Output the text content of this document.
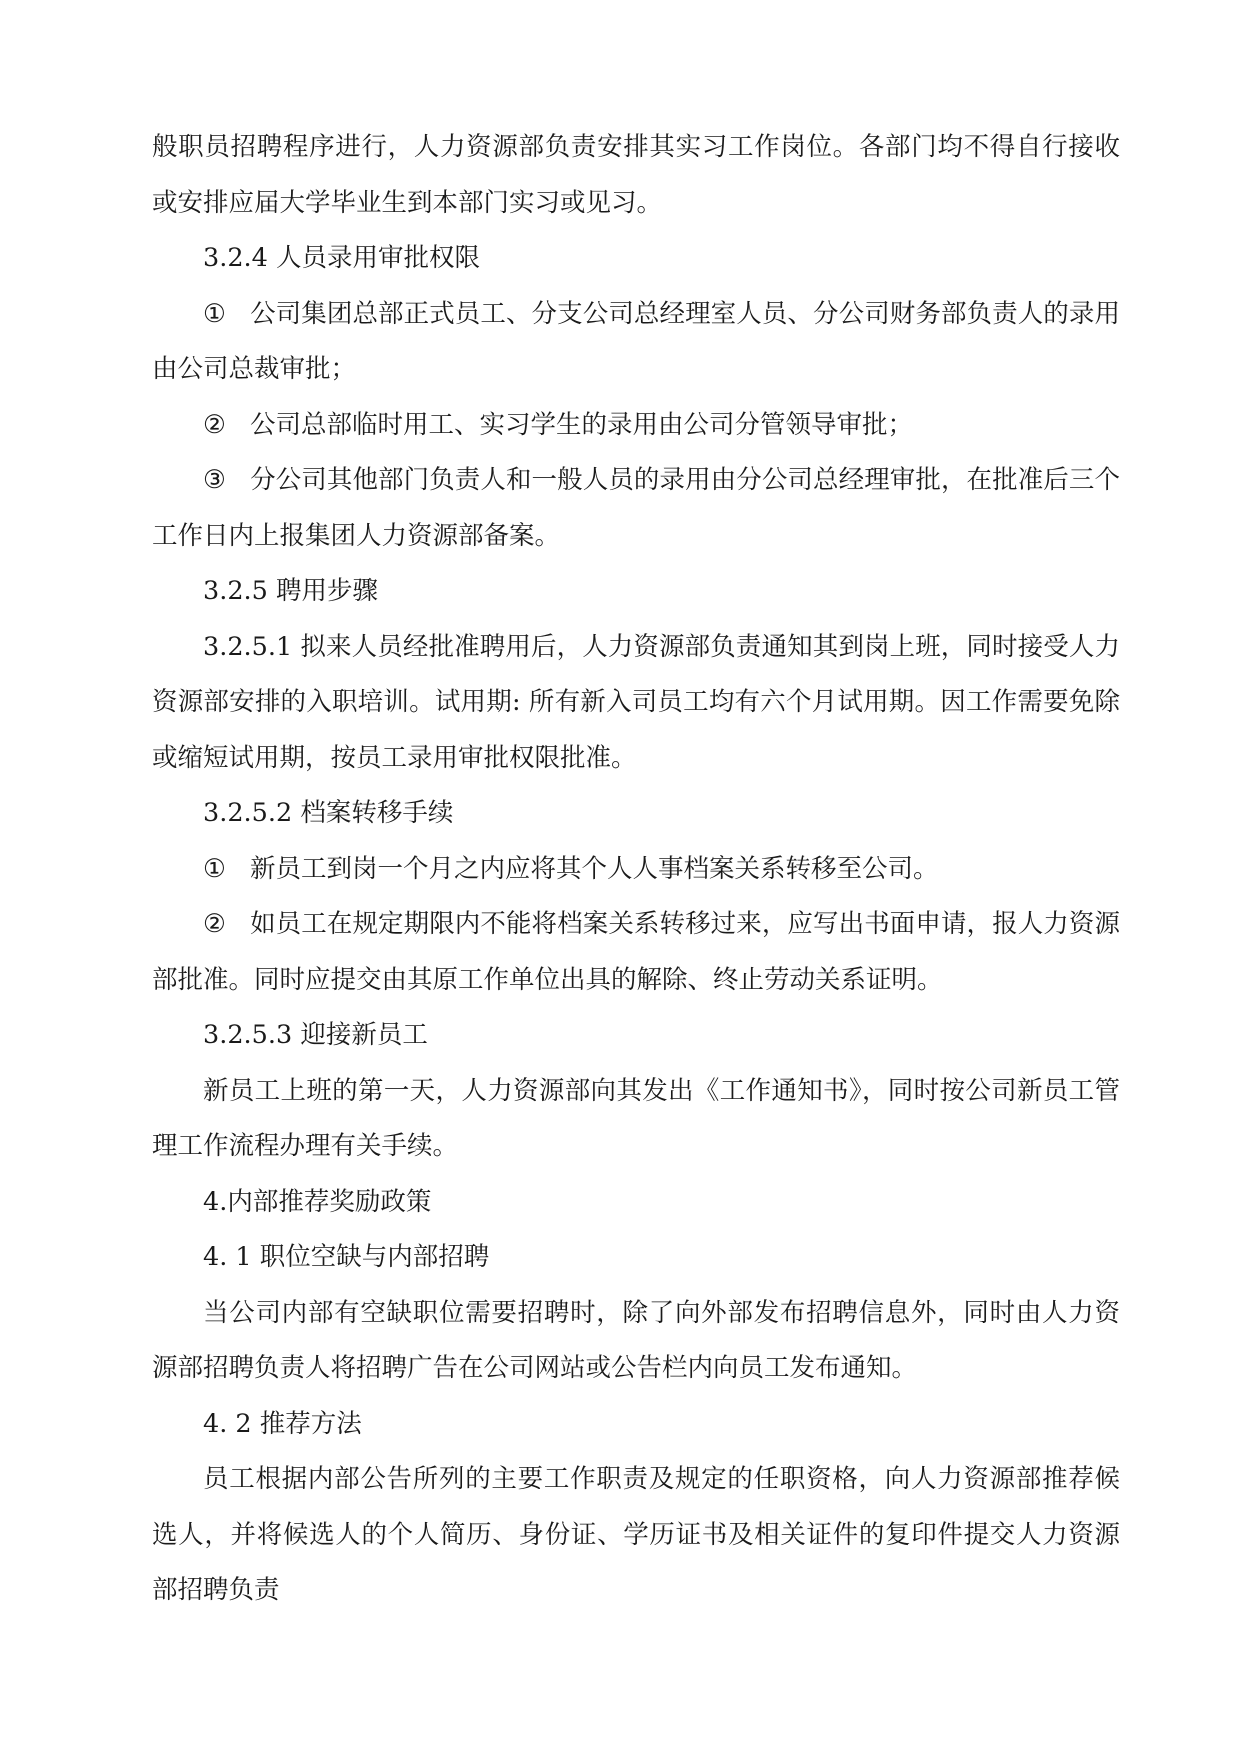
般职员招聘程序进行，人力资源部负责安排其实习工作岗位。各部门均不得自行接收或安排应届大学毕业生到本部门实习或见习。

3.2.4 人员录用审批权限

① 公司集团总部正式员工、分支公司总经理室人员、分公司财务部负责人的录用由公司总裁审批；

② 公司总部临时用工、实习学生的录用由公司分管领导审批；

③ 分公司其他部门负责人和一般人员的录用由分公司总经理审批，在批准后三个工作日内上报集团人力资源部备案。

3.2.5 聘用步骤

3.2.5.1 拟来人员经批准聘用后，人力资源部负责通知其到岗上班，同时接受人力资源部安排的入职培训。试用期: 所有新入司员工均有六个月试用期。因工作需要免除或缩短试用期，按员工录用审批权限批准。

3.2.5.2 档案转移手续

① 新员工到岗一个月之内应将其个人人事档案关系转移至公司。

② 如员工在规定期限内不能将档案关系转移过来，应写出书面申请，报人力资源部批准。同时应提交由其原工作单位出具的解除、终止劳动关系证明。

3.2.5.3 迎接新员工

新员工上班的第一天，人力资源部向其发出《工作通知书》，同时按公司新员工管理工作流程办理有关手续。

4.内部推荐奖励政策

4. 1 职位空缺与内部招聘

当公司内部有空缺职位需要招聘时，除了向外部发布招聘信息外，同时由人力资源部招聘负责人将招聘广告在公司网站或公告栏内向员工发布通知。

4. 2 推荐方法

员工根据内部公告所列的主要工作职责及规定的任职资格，向人力资源部推荐候选人，并将候选人的个人简历、身份证、学历证书及相关证件的复印件提交人力资源部招聘负责
